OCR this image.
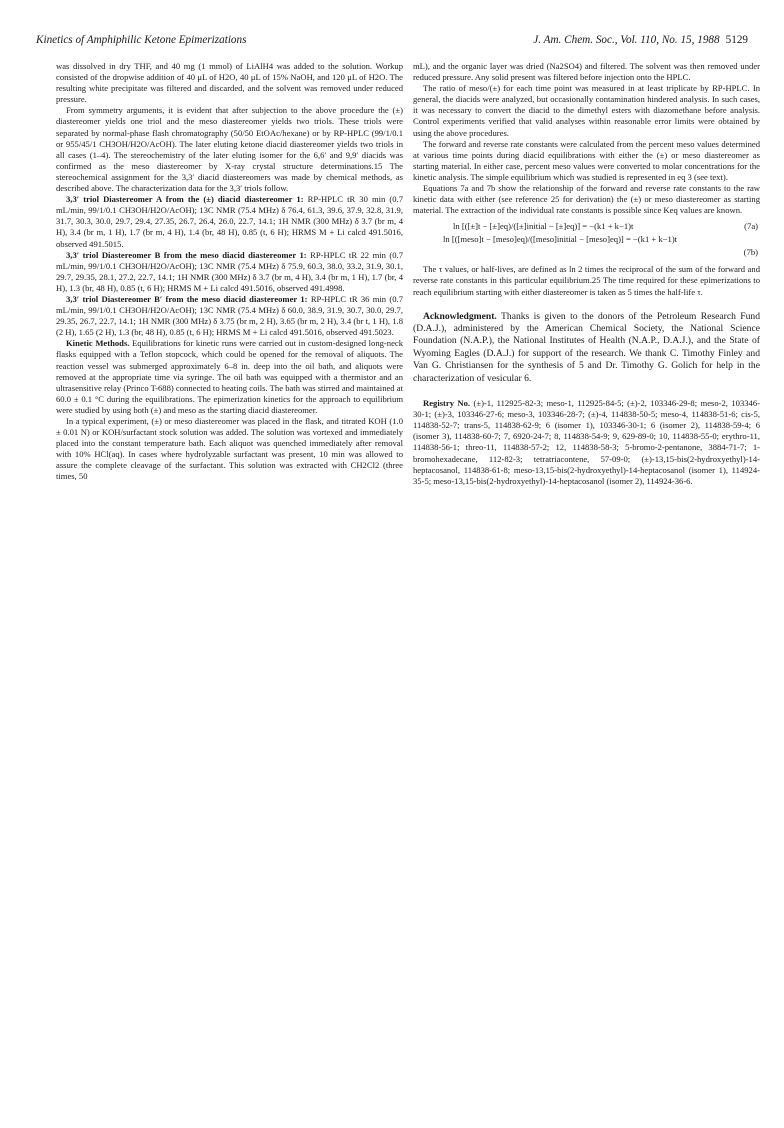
Kinetics of Amphiphilic Ketone Epimerizations	J. Am. Chem. Soc., Vol. 110, No. 15, 1988 5129

was dissolved in dry THF, and 40 mg (1 mmol) of LiAlH4 was added to the solution. Workup consisted of the dropwise addition of 40 μL of H2O, 40 μL of 15% NaOH, and 120 μL of H2O. The resulting white precipitate was filtered and discarded, and the solvent was removed under reduced pressure.

From symmetry arguments, it is evident that after subjection to the above procedure the (±) diastereomer yields one triol and the meso diastereomer yields two triols. These triols were separated by normal-phase flash chromatography (50/50 EtOAc/hexane) or by RP-HPLC (99/1/0.1 or 955/45/1 CH3OH/H2O/AcOH). The later eluting ketone diacid diastereomer yields two triols in all cases (1–4). The stereochemistry of the later eluting isomer for the 6,6′ and 9,9′ diacids was confirmed as the meso diastereomer by X-ray crystal structure determinations.15 The stereochemical assignment for the 3,3′ diacid diastereomers was made by chemical methods, as described above. The characterization data for the 3,3′ triols follow.

3,3′ triol Diastereomer A from the (±) diacid diastereomer 1: RP-HPLC tR 30 min (0.7 mL/min, 99/1/0.1 CH3OH/H2O/AcOH); 13C NMR (75.4 MHz) δ 76.4, 61.3, 39.6, 37.9, 32.8, 31.9, 31.7, 30.3, 30.0, 29.7, 29.4, 27.35, 26.7, 26.4, 26.0, 22.7, 14.1; 1H NMR (300 MHz) δ 3.7 (br m, 4 H), 3.4 (br m, 1 H), 1.7 (br m, 4 H), 1.4 (br, 48 H), 0.85 (t, 6 H); HRMS M + Li calcd 491.5016, observed 491.5015.

3,3′ triol Diastereomer B from the meso diacid diastereomer 1: RP-HPLC tR 22 min (0.7 mL/min, 99/1/0.1 CH3OH/H2O/AcOH); 13C NMR (75.4 MHz) δ 75.9, 60.3, 38.0, 33.2, 31.9, 30.1, 29.7, 29.35, 28.1, 27.2, 22.7, 14.1; 1H NMR (300 MHz) δ 3.7 (br m, 4 H), 3.4 (br m, 1 H), 1.7 (br, 4 H), 1.3 (br, 48 H), 0.85 (t, 6 H); HRMS M + Li calcd 491.5016, observed 491.4998.

3,3′ triol Diastereomer B′ from the meso diacid diastereomer 1: RP-HPLC tR 36 min (0.7 mL/min, 99/1/0.1 CH3OH/H2O/AcOH); 13C NMR (75.4 MHz) δ 60.0, 38.9, 31.9, 30.7, 30.0, 29.7, 29.35, 26.7, 22.7, 14.1; 1H NMR (300 MHz) δ 3.75 (br m, 2 H), 3.65 (br m, 2 H), 3.4 (br t, 1 H), 1.8 (2 H), 1.65 (2 H), 1.3 (br, 48 H), 0.85 (t, 6 H); HRMS M + Li calcd 491.5016, observed 491.5023.

Kinetic Methods. Equilibrations for kinetic runs were carried out in custom-designed long-neck flasks equipped with a Teflon stopcock, which could be opened for the removal of aliquots. The reaction vessel was submerged approximately 6–8 in. deep into the oil bath, and aliquots were removed at the appropriate time via syringe. The oil bath was equipped with a thermistor and an ultrasensitive relay (Princo T-688) connected to heating coils. The bath was stirred and maintained at 60.0 ± 0.1 °C during the equilibrations. The epimerization kinetics for the approach to equilibrium were studied by using both (±) and meso as the starting diacid diastereomer.

In a typical experiment, (±) or meso diastereomer was placed in the flask, and titrated KOH (1.0 ± 0.01 N) or KOH/surfactant stock solution was added. The solution was vortexed and immediately placed into the constant temperature bath. Each aliquot was quenched immediately after removal with 10% HCl(aq). In cases where hydrolyzable surfactant was present, 10 min was allowed to assure the complete cleavage of the surfactant. This solution was extracted with CH2Cl2 (three times, 50

mL), and the organic layer was dried (Na2SO4) and filtered. The solvent was then removed under reduced pressure. Any solid present was filtered before injection onto the HPLC.

The ratio of meso/(±) for each time point was measured in at least triplicate by RP-HPLC. In general, the diacids were analyzed, but occasionally contamination hindered analysis. In such cases, it was necessary to convert the diacid to the dimethyl esters with diazomethane before analysis. Control experiments verified that valid analyses within reasonable error limits were obtained by using the above procedures.

The forward and reverse rate constants were calculated from the percent meso values determined at various time points during diacid equilibrations with either the (±) or meso diastereomer as starting material. In either case, percent meso values were converted to molar concentrations for the kinetic analysis. The simple equilibrium which was studied is represented in eq 3 (see text).

Equations 7a and 7b show the relationship of the forward and reverse rate constants to the raw kinetic data with either (see reference 25 for derivation) the (±) or meso diastereomer as starting material. The extraction of the individual rate constants is possible since Keq values are known.

ln [([±]t − [±]eq)/([±]initial − [±]eq)] = −(k1 + k−1)t	(7a)
ln [([meso]t − [meso]eq)/([meso]initial − [meso]eq)] = −(k1 + k−1)t
(7b)

The τ values, or half-lives, are defined as ln 2 times the reciprocal of the sum of the forward and reverse rate constants in this particular equilibrium.25 The time required for these epimerizations to reach equilibrium starting with either diastereomer is taken as 5 times the half-life τ.

Acknowledgment. Thanks is given to the donors of the Petroleum Research Fund (D.A.J.), administered by the American Chemical Society, the National Science Foundation (N.A.P.), the National Institutes of Health (N.A.P., D.A.J.), and the State of Wyoming Eagles (D.A.J.) for support of the research. We thank C. Timothy Finley and Van G. Christiansen for the synthesis of 5 and Dr. Timothy G. Golich for help in the characterization of vesicular 6.

Registry No. (±)-1, 112925-82-3; meso-1, 112925-84-5; (±)-2, 103346-29-8; meso-2, 103346-30-1; (±)-3, 103346-27-6; meso-3, 103346-28-7; (±)-4, 114838-50-5; meso-4, 114838-51-6; cis-5, 114838-52-7; trans-5, 114838-62-9; 6 (isomer 1), 103346-30-1; 6 (isomer 2), 114838-59-4; 6 (isomer 3), 114838-60-7; 7, 6920-24-7; 8, 114838-54-9; 9, 629-89-0; 10, 114838-55-0; erythro-11, 114838-56-1; threo-11, 114838-57-2; 12, 114838-58-3; 5-bromo-2-pentanone, 3884-71-7; 1-bromohexadecane, 112-82-3; tetratriacontene, 57-09-0; (±)-13,15-bis(2-hydroxyethyl)-14-heptacosanol, 114838-61-8; meso-13,15-bis(2-hydroxyethyl)-14-heptacosanol (isomer 1), 114924-35-5; meso-13,15-bis(2-hydroxyethyl)-14-heptacosanol (isomer 2), 114924-36-6.
